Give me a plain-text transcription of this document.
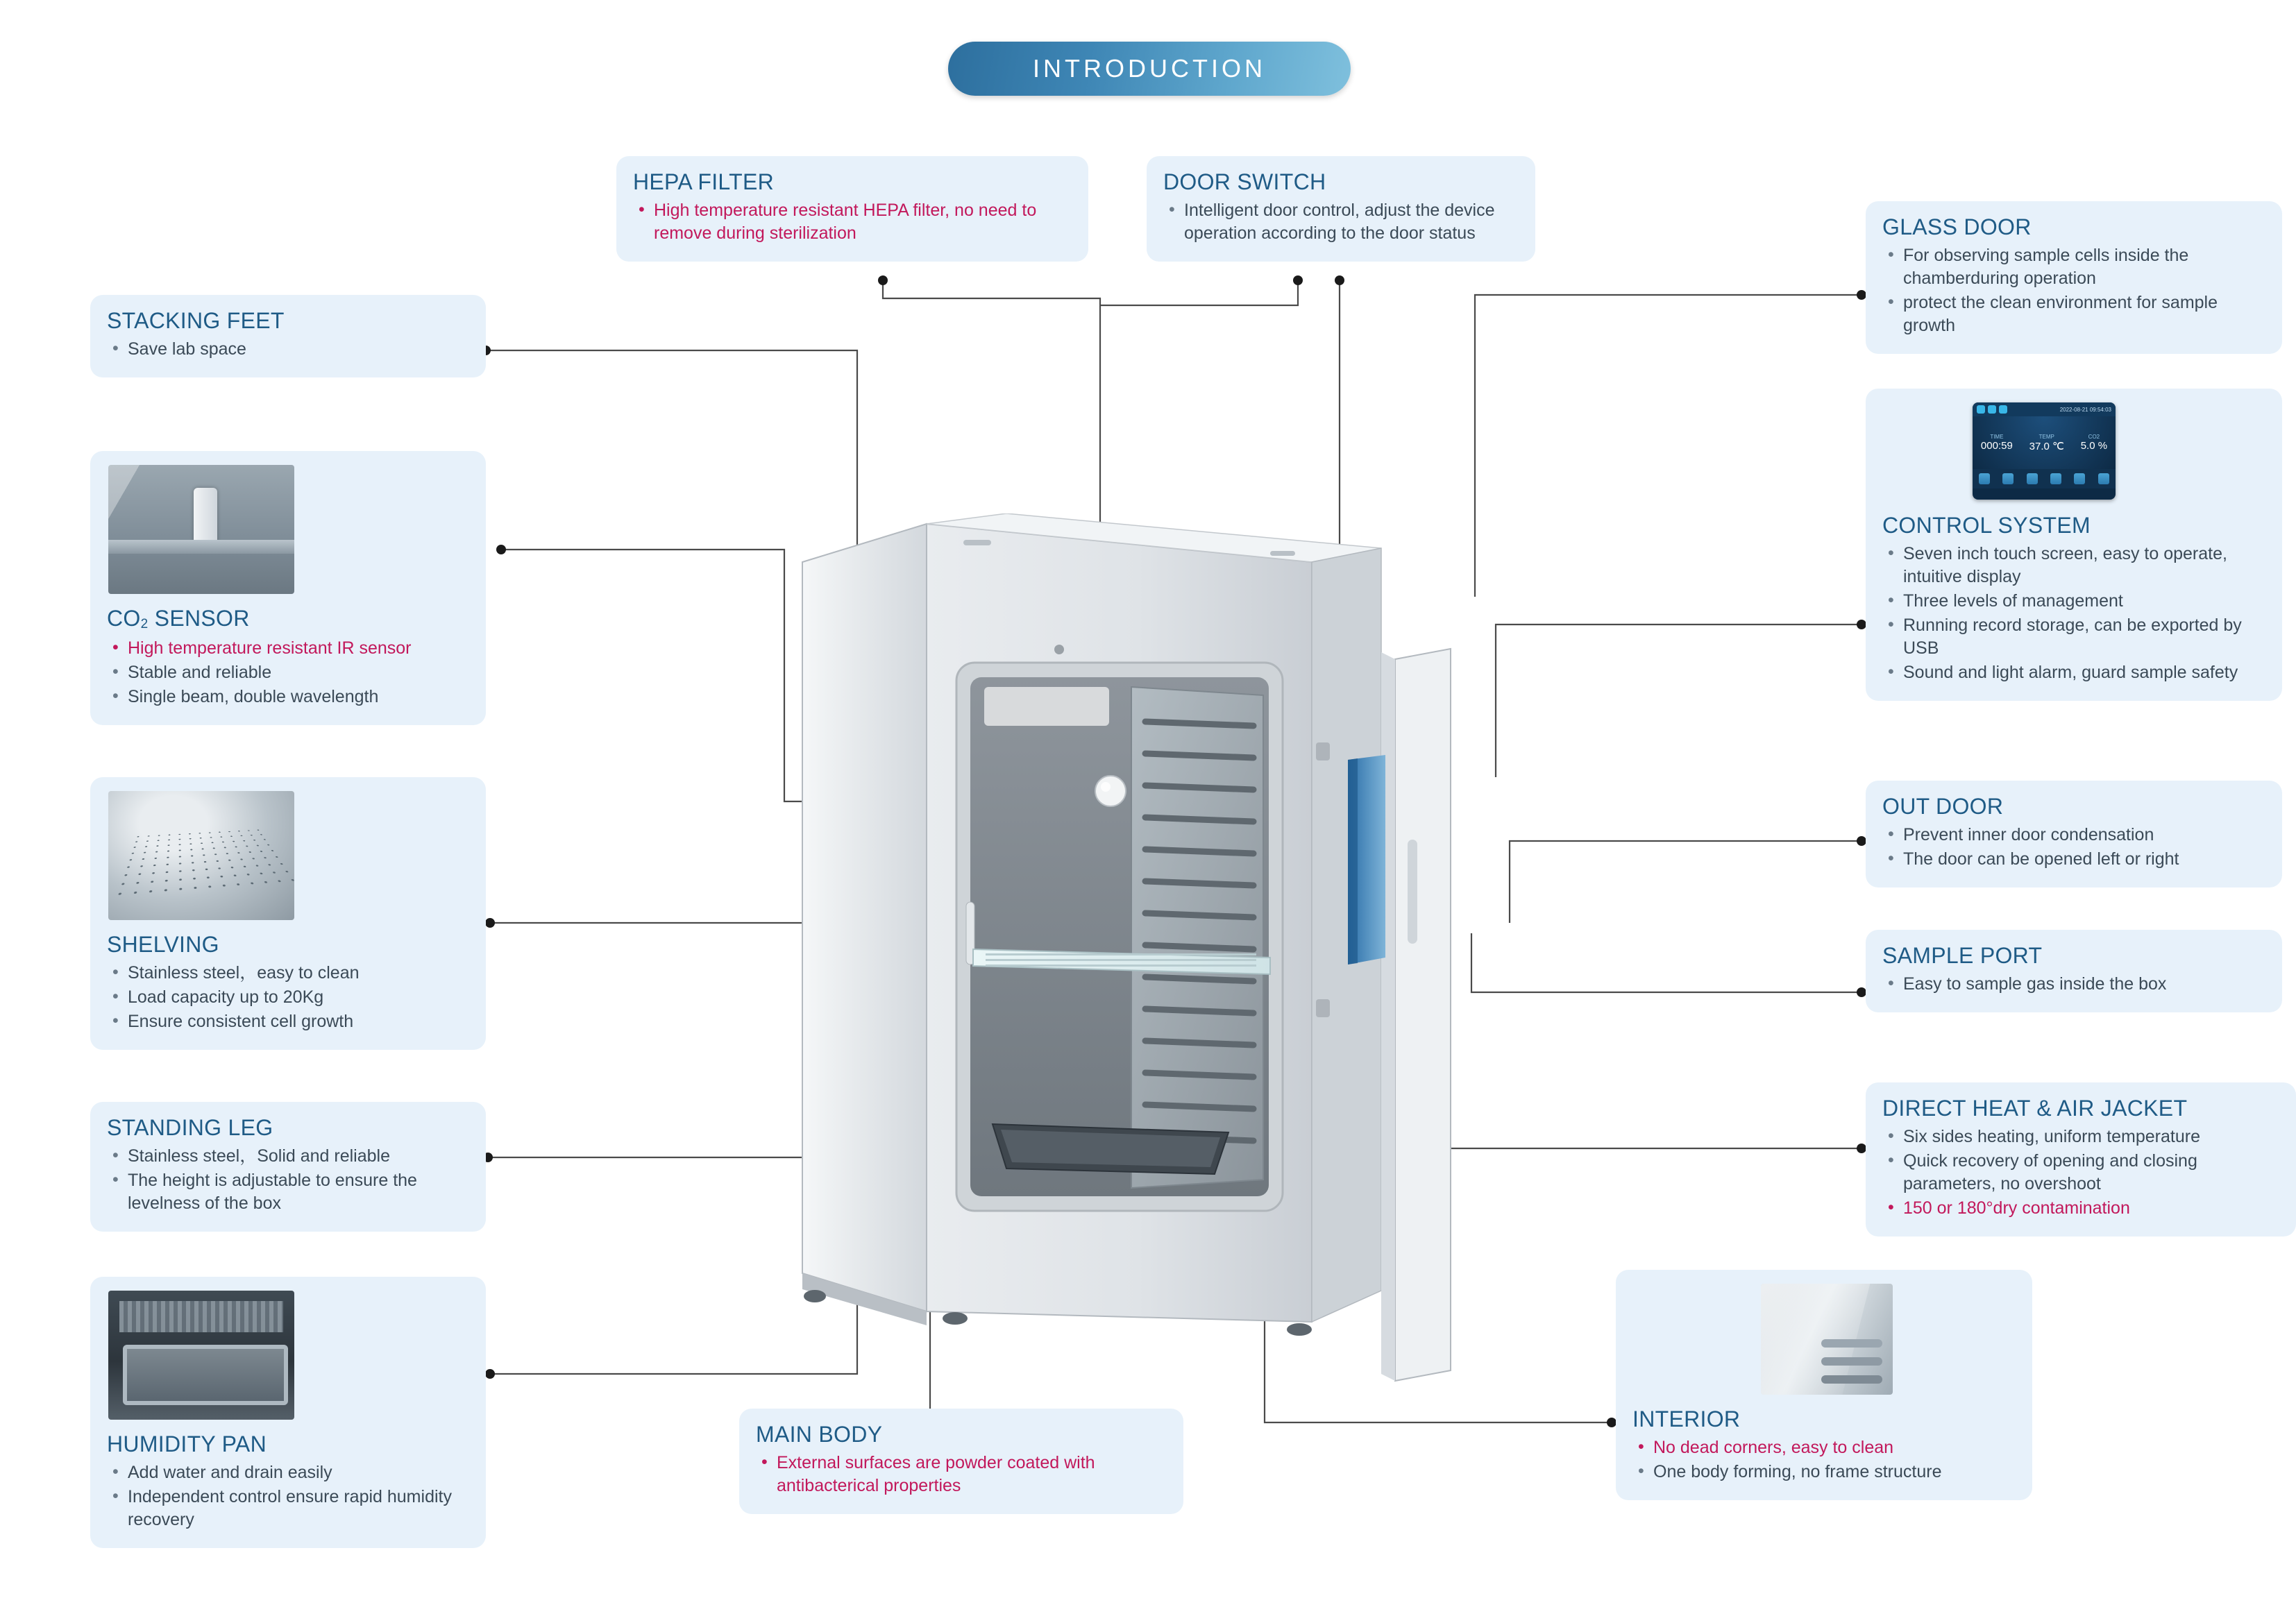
INTRODUCTION
HEPA FILTER
• High temperature resistant HEPA filter, no need to remove during sterilization
DOOR SWITCH
• Intelligent door control, adjust the device operation according to the door status	GLASS DOOR
• For observing sample cells inside the chamberduring operation
• protect the clean environment for sample growth
STACKING FEET
• Save lab space
CO2 SENSOR
• High temperature resistant IR sensor
• Stable and reliable
• Single beam, double wavelength
SHELVING
• Stainless steel，easy to clean
• Load capacity up to 20Kg
• Ensure consistent cell growth
STANDING LEG
• Stainless steel，Solid and reliable
• The height is adjustable to ensure the levelness of the box
HUMIDITY PAN
• Add water and drain easily
• Independent control ensure rapid humidity recovery
MAIN BODY
• External surfaces are powder coated with antibacterical properties
2022-08-21 09:54:03
TIME
000:59
TEMP
37.0 ℃
CO2
5.0 %
CONTROL SYSTEM
• Seven inch touch screen, easy to operate, intuitive display
• Three levels of management
• Running record storage, can be exported by USB
• Sound and light alarm, guard sample safety
OUT DOOR
• Prevent inner door condensation
• The door can be opened left or right
SAMPLE PORT
• Easy to sample gas inside the box
DIRECT HEAT & AIR JACKET
• Six sides heating, uniform temperature
• Quick recovery of opening and closing parameters, no overshoot
• 150 or 180°dry contamination
INTERIOR
• No dead corners, easy to clean
• One body forming, no frame structure
